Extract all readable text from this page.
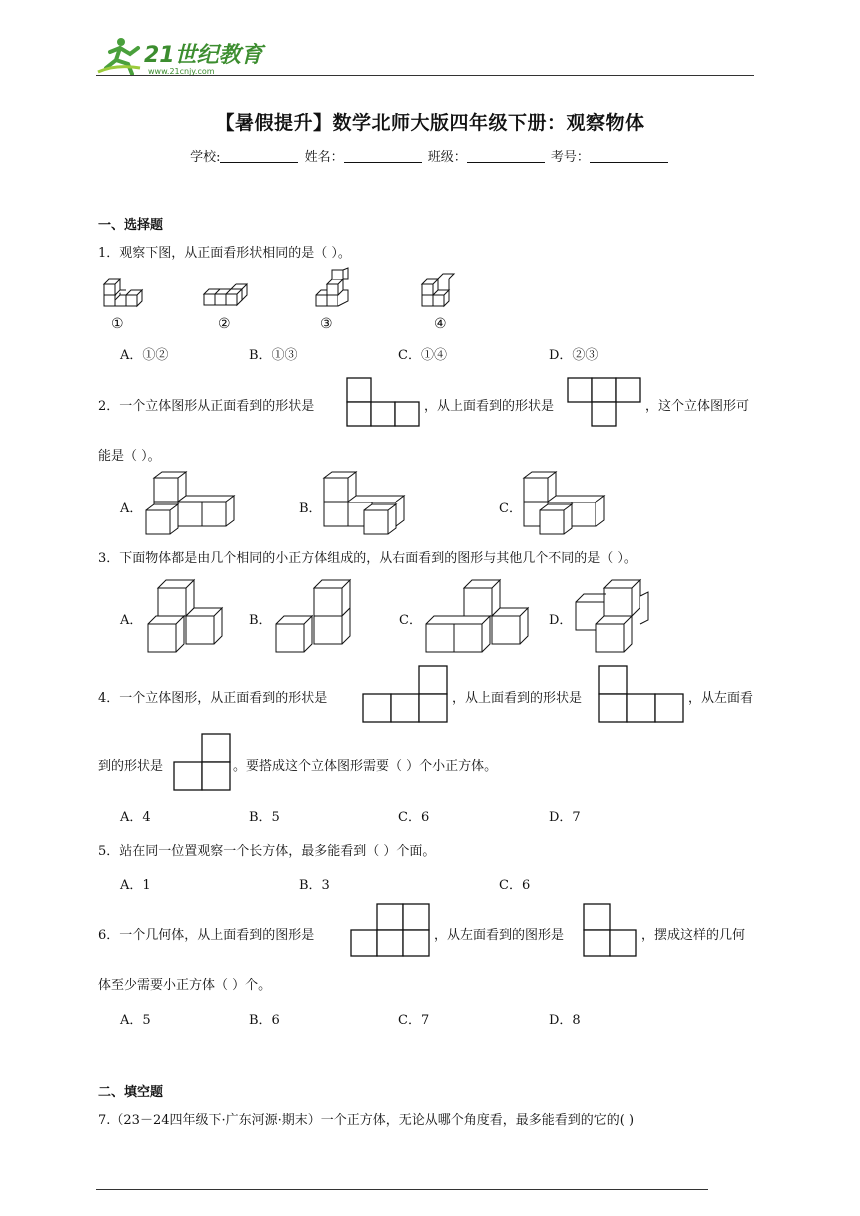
21世纪教育
www.21cnjy.com
【暑假提升】数学北师大版四年级下册：观察物体
学校:	姓名：	班级：	考号：
一、选择题
1．观察下图，从正面看形状相同的是（ ）。
①	②	③	④
A．①②	B．①③	C．①④	D．②③
2．一个立体图形从正面看到的形状是	，从上面看到的形状是	，这个立体图形可
能是（ ）。
A．	B．	C．
3．下面物体都是由几个相同的小正方体组成的，从右面看到的图形与其他几个不同的是（ ）。
A．	B．	C．	D．
4．一个立体图形，从正面看到的形状是	，从上面看到的形状是	，从左面看
到的形状是	。要搭成这个立体图形需要（ ）个小正方体。
A．4	B．5	C．6	D．7
5．站在同一位置观察一个长方体，最多能看到（ ）个面。
A．1	B．3	C．6
6．一个几何体，从上面看到的图形是	，从左面看到的图形是	，摆成这样的几何
体至少需要小正方体（ ）个。
A．5	B．6	C．7	D．8
二、填空题
7.（23－24四年级下·广东河源·期末）一个正方体，无论从哪个角度看，最多能看到的它的( )
